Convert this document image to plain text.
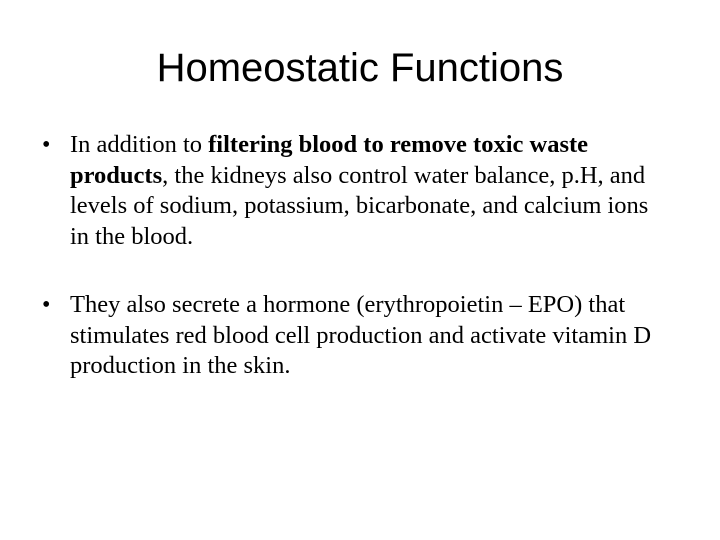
Homeostatic Functions
• In addition to filtering blood to remove toxic waste products, the kidneys also control water balance, p.H, and levels of sodium, potassium, bicarbonate, and calcium ions in the blood.
• They also secrete a hormone (erythropoietin – EPO) that stimulates red blood cell production and activate vitamin D production in the skin.
